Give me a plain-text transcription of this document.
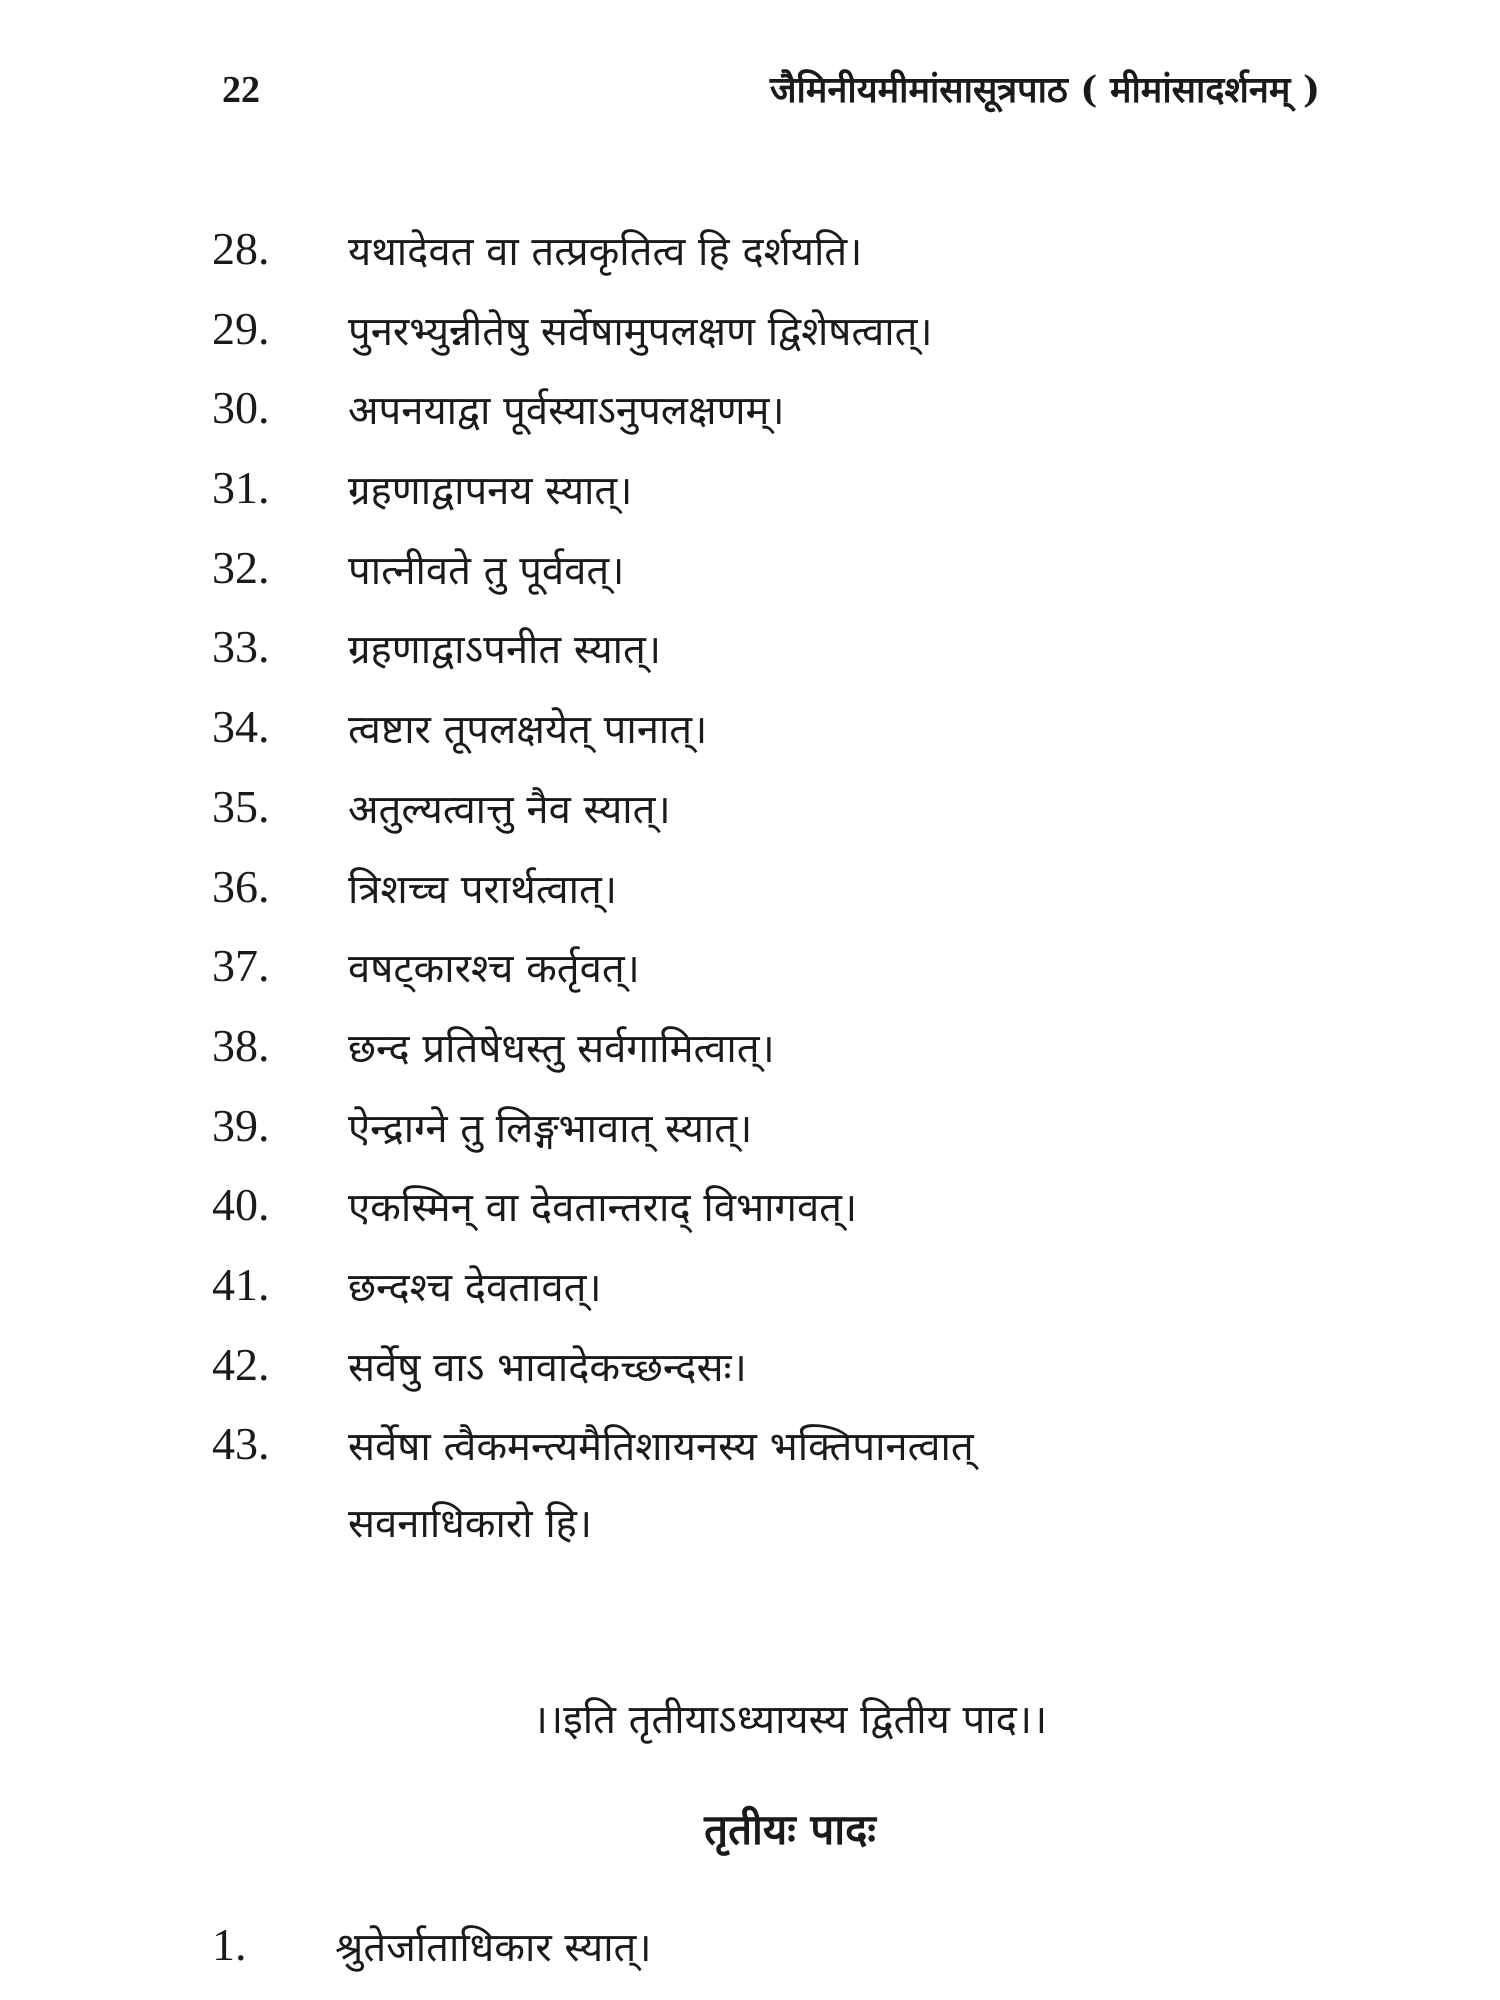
22	जैमिनीयमीमांसासूत्रपाठ ( मीमांसादर्शनम् )
28. यथादेवत वा तत्प्रकृतित्व हि दर्शयति।
29. पुनरभ्युन्नीतेषु सर्वेषामुपलक्षण द्विशेषत्वात्।
30. अपनयाद्वा पूर्वस्याऽनुपलक्षणम्।
31. ग्रहणाद्वापनय स्यात्।
32. पात्नीवते तु पूर्ववत्।
33. ग्रहणाद्वाऽपनीत स्यात्।
34. त्वष्टार तूपलक्षयेत् पानात्।
35. अतुल्यत्वात्तु नैव स्यात्।
36. त्रिशच्च परार्थत्वात्।
37. वषट्कारश्च कर्तृवत्।
38. छन्द प्रतिषेधस्तु सर्वगामित्वात्।
39. ऐन्द्राग्ने तु लिङ्गभावात् स्यात्।
40. एकस्मिन् वा देवतान्तराद् विभागवत्।
41. छन्दश्च देवतावत्।
42. सर्वेषु वाऽ भावादेकच्छन्दसः।
43. सर्वेषा त्वैकमन्त्यमैतिशायनस्य भक्तिपानत्वात्
सवनाधिकारो हि।
।।इति तृतीयाऽध्यायस्य द्वितीय पाद।।
तृतीयः पादः
1. श्रुतेर्जाताधिकार स्यात्।
